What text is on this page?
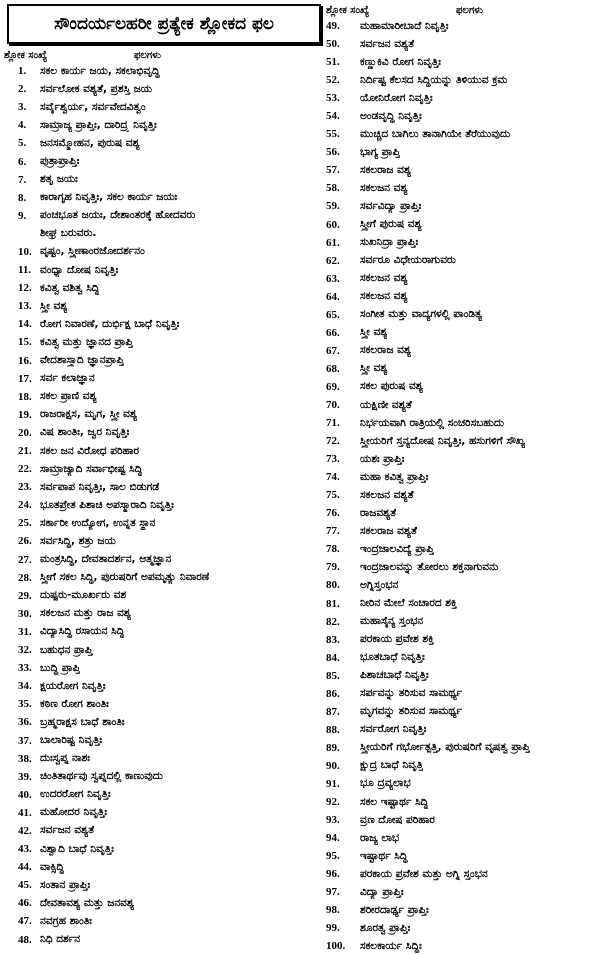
ಸೌಂದರ್ಯಲಹರೀ ಪ್ರತ್ಯೇಕ ಶ್ಲೋಕದ ಫಲ
ಶ್ಲೋಕ ಸಂಖ್ಯೆ	ಫಲಗಳು
1.	ಸಕಲ ಕಾರ್ಯ ಜಯ, ಸಕಲಾಭಿವೃದ್ಧಿ
2.	ಸರ್ವಲೋಕ ವಶ್ಯತೆ, ಪ್ರಶಸ್ತಿ ಜಯ
3.	ಸರ್ವೈಶ್ವರ್ಯ, ಸರ್ವವೇದವಿತ್ವಂ
4.	ಸಾಮ್ರಾಜ್ಯ ಪ್ರಾಪ್ತಿಃ, ದಾರಿದ್ರ್ಯ ನಿವೃತ್ತಿಃ
5.	ಜನಸಮ್ಮೋಹನ, ಪುರುಷ ವಶ್ಯ
6.	ಪುತ್ರಾಪ್ರಾಪ್ತಿಃ
7.	ಶತೃ ಜಯಃ
8.	ಕಾರಾಗೃಹ ನಿವೃತ್ತಿಃ, ಸಕಲ ಕಾರ್ಯ ಜಯಃ
9.	ಪಂಚಭೂತ ಜಯಃ, ದೇಶಾಂತರಕ್ಕೆ ಹೋದವರು
ಶೀಘ್ರ ಬರುವರು.
10. ವೃಷ್ಟಂ, ಸ್ತ್ರೀಣಾಂರಜೋದರ್ಶನಂ
11. ವಂಧ್ಯಾ ದೋಷ ನಿವೃತ್ತಿಃ
12. ಕವಿತ್ವ ವಶಿತ್ವ ಸಿದ್ಧಿ
13. ಸ್ತ್ರೀ ವಶ್ಯ
14. ರೋಗ ನಿವಾರಣೆ, ದುರ್ಭಿಕ್ಷ ಬಾಧೆ ನಿವೃತ್ತಿಃ
15. ಕವಿತ್ವ ಮತ್ತು ಜ್ಞಾನದ ಪ್ರಾಪ್ತಿ
16. ವೇದಶಾಸ್ತ್ರಾದಿ ಜ್ಞಾನಪ್ರಾಪ್ತಿ
17. ಸರ್ವ ಕಲಾಜ್ಞಾನ
18. ಸಕಲ ಪ್ರಾಣಿ ವಶ್ಯ
19. ರಾಜರಾಕ್ಷಸ, ಮೃಗ, ಸ್ತ್ರೀ ವಶ್ಯ
20. ವಿಷ ಶಾಂತಿಃ, ಜ್ವರ ನಿವೃತ್ತಿಃ
21. ಸಕಲ ಜನ ವಿರೋಧ ಪರಿಹಾರ
22. ಸಾಮ್ರಾಜ್ಯಾದಿ ಸರ್ವಾಭೀಷ್ಟ ಸಿದ್ಧಿ
23. ಸರ್ವಪಾಪ ನಿವೃತ್ತಿಃ, ಸಾಲ ಬಿಡುಗಡೆ
24. ಭೂತಪ್ರೇತ ಪಿಶಾಚಿ ಅಪಸ್ಮಾರಾದಿ ನಿವೃತ್ತಿಃ
25. ಸರ್ಕಾರೀ ಉದ್ಯೋಗ, ಉನ್ನತ ಸ್ಥಾನ
26. ಸರ್ವಸಿದ್ಧಿ, ಶತ್ರು ಜಯ
27. ಮಂತ್ರಸಿದ್ಧಿ, ದೇವತಾದರ್ಶನ, ಆತ್ಮಜ್ಞಾನ
28. ಸ್ತ್ರೀಗೆ ಸಕಲ ಸಿದ್ಧಿ, ಪುರುಷರಿಗೆ ಅಪಮೃತ್ಯು ನಿವಾರಣೆ
29. ದುಷ್ಪರು-ಮೂರ್ಖರು ವಶ
30. ಸಕಲಜನ ಮತ್ತು ರಾಜ ವಶ್ಯ
31. ವಿದ್ಯಾಸಿದ್ಧಿ ರಸಾಯನ ಸಿದ್ಧಿ
32. ಬಹುಧನ ಪ್ರಾಪ್ತಿ
33. ಬುದ್ಧಿ ಪ್ರಾಪ್ತಿ
34. ಕ್ಷಯರೋಗ ನಿವೃತ್ತಿಃ
35. ಕಠಿಣ ರೋಗ ಶಾಂತಿಃ
36. ಬ್ರಹ್ಮರಾಕ್ಷಸ ಬಾಧೆ ಶಾಂತಿಃ
37. ಬಾಲಾರಿಷ್ಟ ನಿವೃತ್ತಿಃ
38. ದುಃಸ್ವಪ್ನ ನಾಶಃ
39. ಚಿಂತಿತಾರ್ಥವು ಸ್ವಪ್ನದಲ್ಲಿ ಕಾಣುವುದು
40. ಉದರರೋಗ ನಿವೃತ್ತಿಃ
41. ಮಹೋದರ ನಿವೃತ್ತಿಃ
42. ಸರ್ವಜನ ವಶ್ಯತೆ
43. ವಿಶ್ವಾದಿ ಬಾಧೆ ನಿವೃತ್ತಿಃ
44. ವಾಕ್ಸಿದ್ಧಿ
45. ಸಂತಾನ ಪ್ರಾಪ್ತಿಃ
46. ದೇವತಾವಶ್ಯ ಮತ್ತು ಜನವಶ್ಯ
47. ನವಗ್ರಹ ಶಾಂತಿಃ
48. ನಿಧಿ ದರ್ಶನ
ಶ್ಲೋಕ ಸಂಖ್ಯೆ	ಫಲಗಳು
49.	ಮಹಾಮಾರೀಬಾದೆ ನಿವೃತ್ತಿಃ
50.	ಸರ್ವಜನ ವಶ್ಯತೆ
51.	ಕಣ್ಣುಕಿವಿ ರೋಗ ನಿವೃತ್ತಿಃ
52.	ನಿರ್ದಿಷ್ಟ ಕೆಲಸದ ಸಿದ್ಧಿಯನ್ನು ತಿಳಿಯುವ ಕ್ರಮ
53.	ಯೋನಿರೋಗ ನಿವೃತ್ತಿಃ
54.	ಅಂಡವೃದ್ಧಿ ನಿವೃತ್ತಿಃ
55.	ಮುಚ್ಚಿದ ಬಾಗಿಲು ತಾನಾಗಿಯೇ ತೆರೆಯುವುದು
56.	ಭಾಗ್ಯ ಪ್ರಾಪ್ತಿ
57.	ಸಕಲರಾಜ ವಶ್ಯ
58.	ಸಕಲಜನ ವಶ್ಯ
59.	ಸರ್ವವಿದ್ಯಾ ಪ್ರಾಪ್ತಿಃ
60.	ಸ್ತ್ರೀಗೆ ಪುರುಷ ವಶ್ಯ
61.	ಸುಖನಿದ್ರಾ ಪ್ರಾಪ್ತಿಃ
62.	ಸರ್ವರೂ ವಿಧೇಯರಾಗುವರು
63.	ಸಕಲಜನ ವಶ್ಯ
64.	ಸಕಲಜನ ವಶ್ಯ
65.	ಸಂಗೀತ ಮತ್ತು ವಾದ್ಯಗಳಲ್ಲಿ ಪಾಂಡಿತ್ಯ
66.	ಸ್ತ್ರೀ ವಶ್ಯ
67.	ಸಕಲರಾಜ ವಶ್ಯ
68.	ಸ್ತ್ರೀ ವಶ್ಯ
69.	ಸಕಲ ಪುರುಷ ವಶ್ಯ
70.	ಯಕ್ಷಿಣೀ ವಶ್ಯತೆ
71.	ನಿರ್ಭಯವಾಗಿ ರಾತ್ರಿಯಲ್ಲಿ ಸಂಚರಿಸಬಹುದು
72.	ಸ್ತ್ರೀಯರಿಗೆ ಸ್ತನ್ಯದೋಷ ನಿವೃತ್ತಿಃ, ಹಸುಗಳಿಗೆ ಸೌಖ್ಯ
73.	ಯಶಃ ಪ್ರಾಪ್ತಿಃ
74.	ಮಹಾ ಕವಿತ್ವ ಪ್ರಾಪ್ತಿಃ
75.	ಸಕಲಜನ ವಶ್ಯತೆ
76.	ರಾಜವಶ್ಯತೆ
77.	ಸಕಲರಾಜ ವಶ್ಯತೆ
78.	ಇಂದ್ರಜಾಲವಿದ್ಯೆ ಪ್ರಾಪ್ತಿ
79.	ಇಂದ್ರಜಾಲವನ್ನು ತೋರಲು ಶಕ್ತನಾಗುವನು
80.	ಅಗ್ನಿಸ್ತಂಭನ
81.	ನೀರಿನ ಮೇಲೆ ಸಂಚಾರದ ಶಕ್ತಿ
82.	ಮಹಾಸೈನ್ಯ ಸ್ತಂಭನ
83.	ಪರಕಾಯ ಪ್ರವೇಶ ಶಕ್ತಿ
84.	ಭೂತಬಾಧೆ ನಿವೃತ್ತಿಃ
85.	ಪಿಶಾಚಬಾಧೆ ನಿವೃತ್ತಿಃ
86.	ಸರ್ಪವನ್ನು ತರಿಸುವ ಸಾಮರ್ಥ್ಯ
87.	ಮೃಗವನ್ನು ತರಿಸುವ ಸಾಮರ್ಥ್ಯ
88.	ಸರ್ವರೋಗ ನಿವೃತ್ತಿಃ
89.	ಸ್ತ್ರೀಯರಿಗೆ ಗರ್ಭೋತ್ಪತ್ತಿ, ಪುರುಷರಿಗೆ ವೃಷತ್ವ ಪ್ರಾಪ್ತಿ
90.	ಕ್ಷುದ್ರ ಬಾಧೆ ನಿವೃತ್ತಿ
91.	ಭೂ ದ್ರವ್ಯಲಾಭ
92.	ಸಕಲ ಇಷ್ಟಾರ್ಥ ಸಿದ್ಧಿ
93.	ವ್ರಣ ದೋಷ ಪರಿಹಾರ
94.	ರಾಜ್ಯ ಲಾಭ
95.	ಇಷ್ಟಾರ್ಥ ಸಿದ್ಧಿ
96.	ಪರಕಾಯ ಪ್ರವೇಶ ಮತ್ತು ಅಗ್ನಿ ಸ್ತಂಭನ
97.	ವಿದ್ಯಾ ಪ್ರಾಪ್ತಿಃ
98.	ಶರೀರದಾರ್ಢ್ಯ ಪ್ರಾಪ್ತಿಃ
99.	ಶೂರತ್ವ ಪ್ರಾಪ್ತಿಃ
100.	ಸಕಲಕಾರ್ಯ ಸಿದ್ಧಿಃ
